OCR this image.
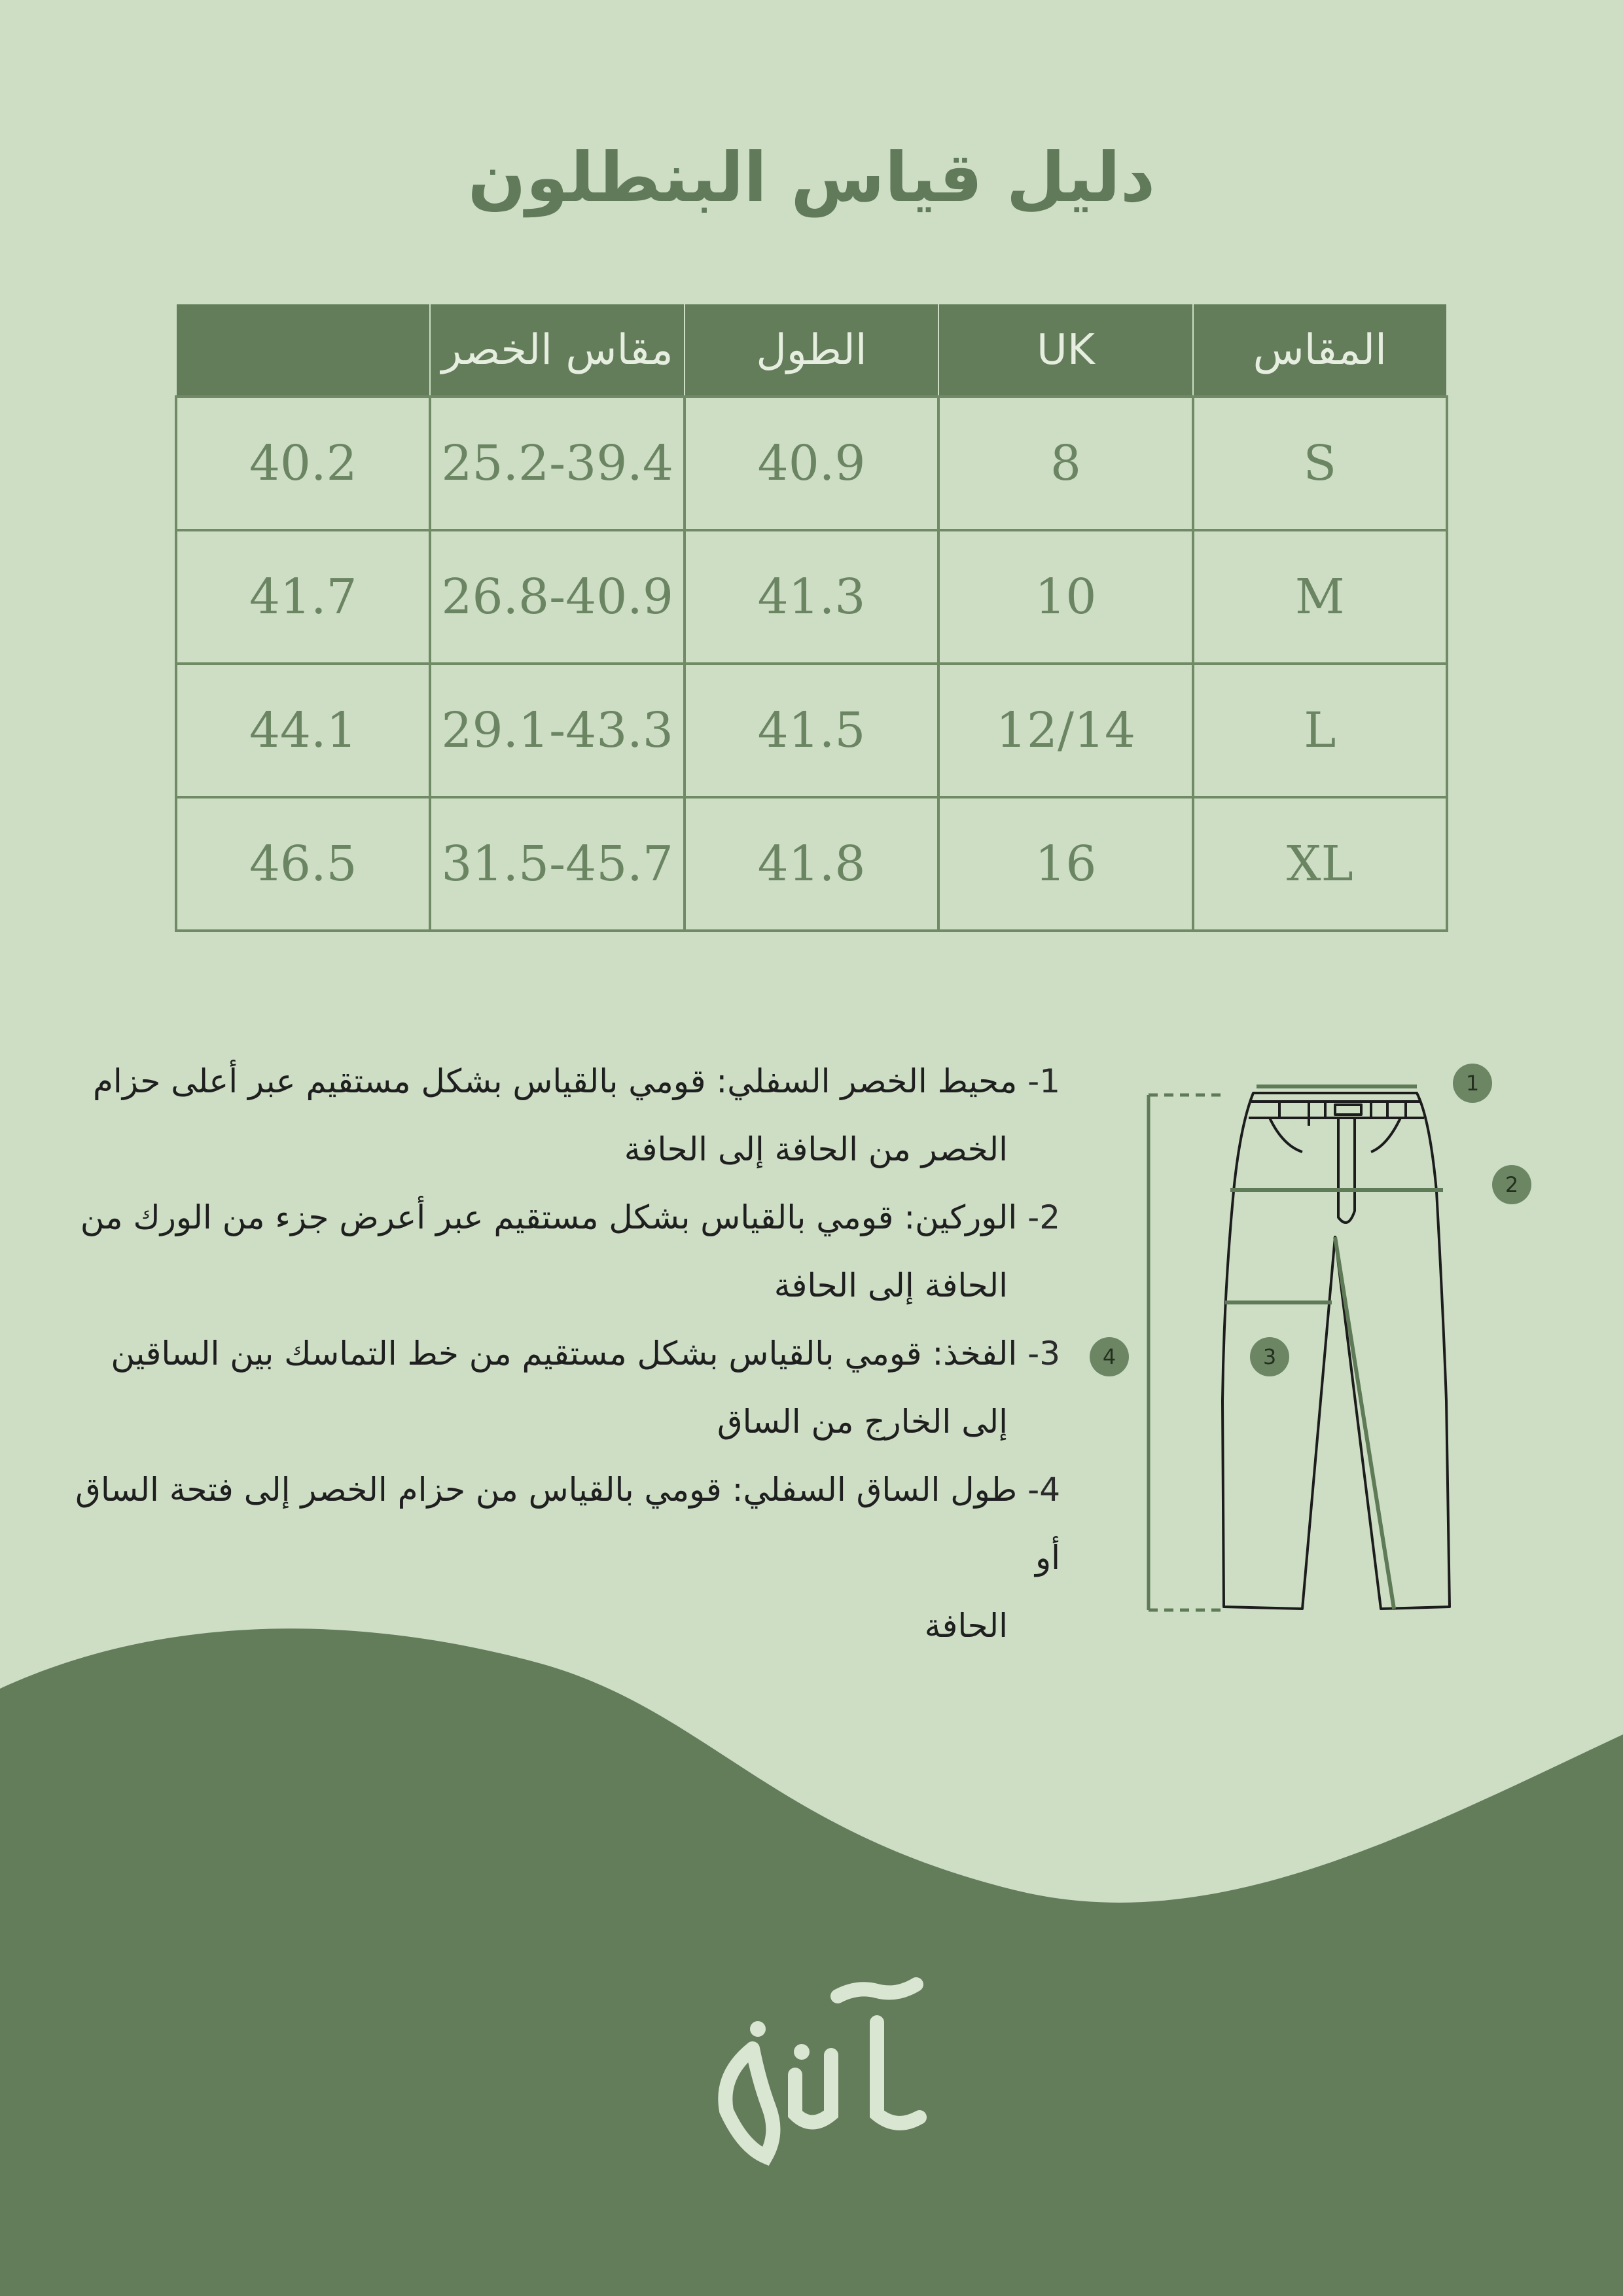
دليل قياس البنطلون
المقاس	UK	الطول	مقاس الخصر	
S	8	40.9	25.2-39.4	40.2
M	10	41.3	26.8-40.9	41.7
L	12/14	41.5	29.1-43.3	44.1
XL	16	41.8	31.5-45.7	46.5
1- محيط الخصر السفلي: قومي بالقياس بشكل مستقيم عبر أعلى حزام
الخصر من الحافة إلى الحافة
2- الوركين: قومي بالقياس بشكل مستقيم عبر أعرض جزء من الورك من
الحافة إلى الحافة
3- الفخذ: قومي بالقياس بشكل مستقيم من خط التماسك بين الساقين
إلى الخارج من الساق
4- طول الساق السفلي: قومي بالقياس من حزام الخصر إلى فتحة الساق أو
الحافة
1
2
3
4
